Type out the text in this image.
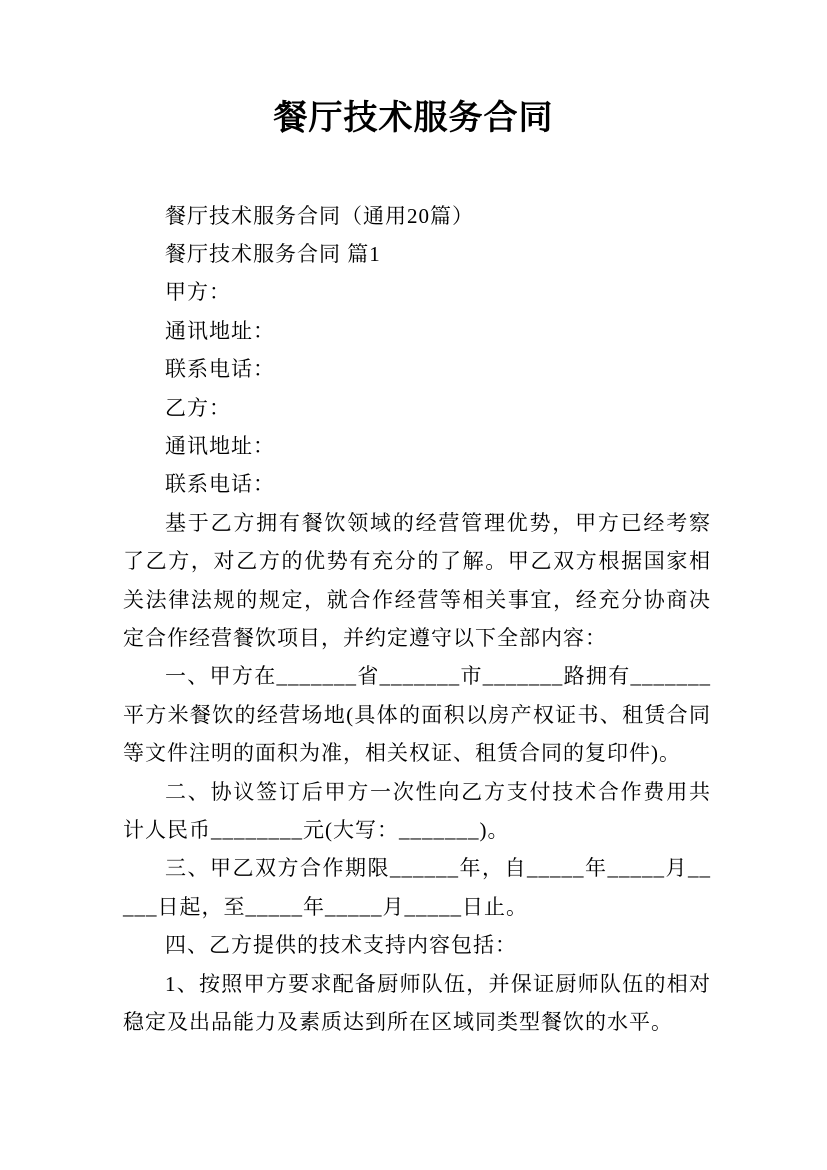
餐厅技术服务合同

餐厅技术服务合同（通用20篇）

餐厅技术服务合同 篇1

甲方：

通讯地址：

联系电话：

乙方：

通讯地址：

联系电话：

基于乙方拥有餐饮领域的经营管理优势，甲方已经考察了乙方，对乙方的优势有充分的了解。甲乙双方根据国家相关法律法规的规定，就合作经营等相关事宜，经充分协商决定合作经营餐饮项目，并约定遵守以下全部内容：

一、甲方在_______省_______市_______路拥有_______平方米餐饮的经营场地(具体的面积以房产权证书、租赁合同等文件注明的面积为准，相关权证、租赁合同的复印件)。

二、协议签订后甲方一次性向乙方支付技术合作费用共计人民币________元(大写：_______)。

三、甲乙双方合作期限______年，自_____年_____月_____日起，至_____年_____月_____日止。

四、乙方提供的技术支持内容包括：

1、按照甲方要求配备厨师队伍，并保证厨师队伍的相对稳定及出品能力及素质达到所在区域同类型餐饮的水平。
